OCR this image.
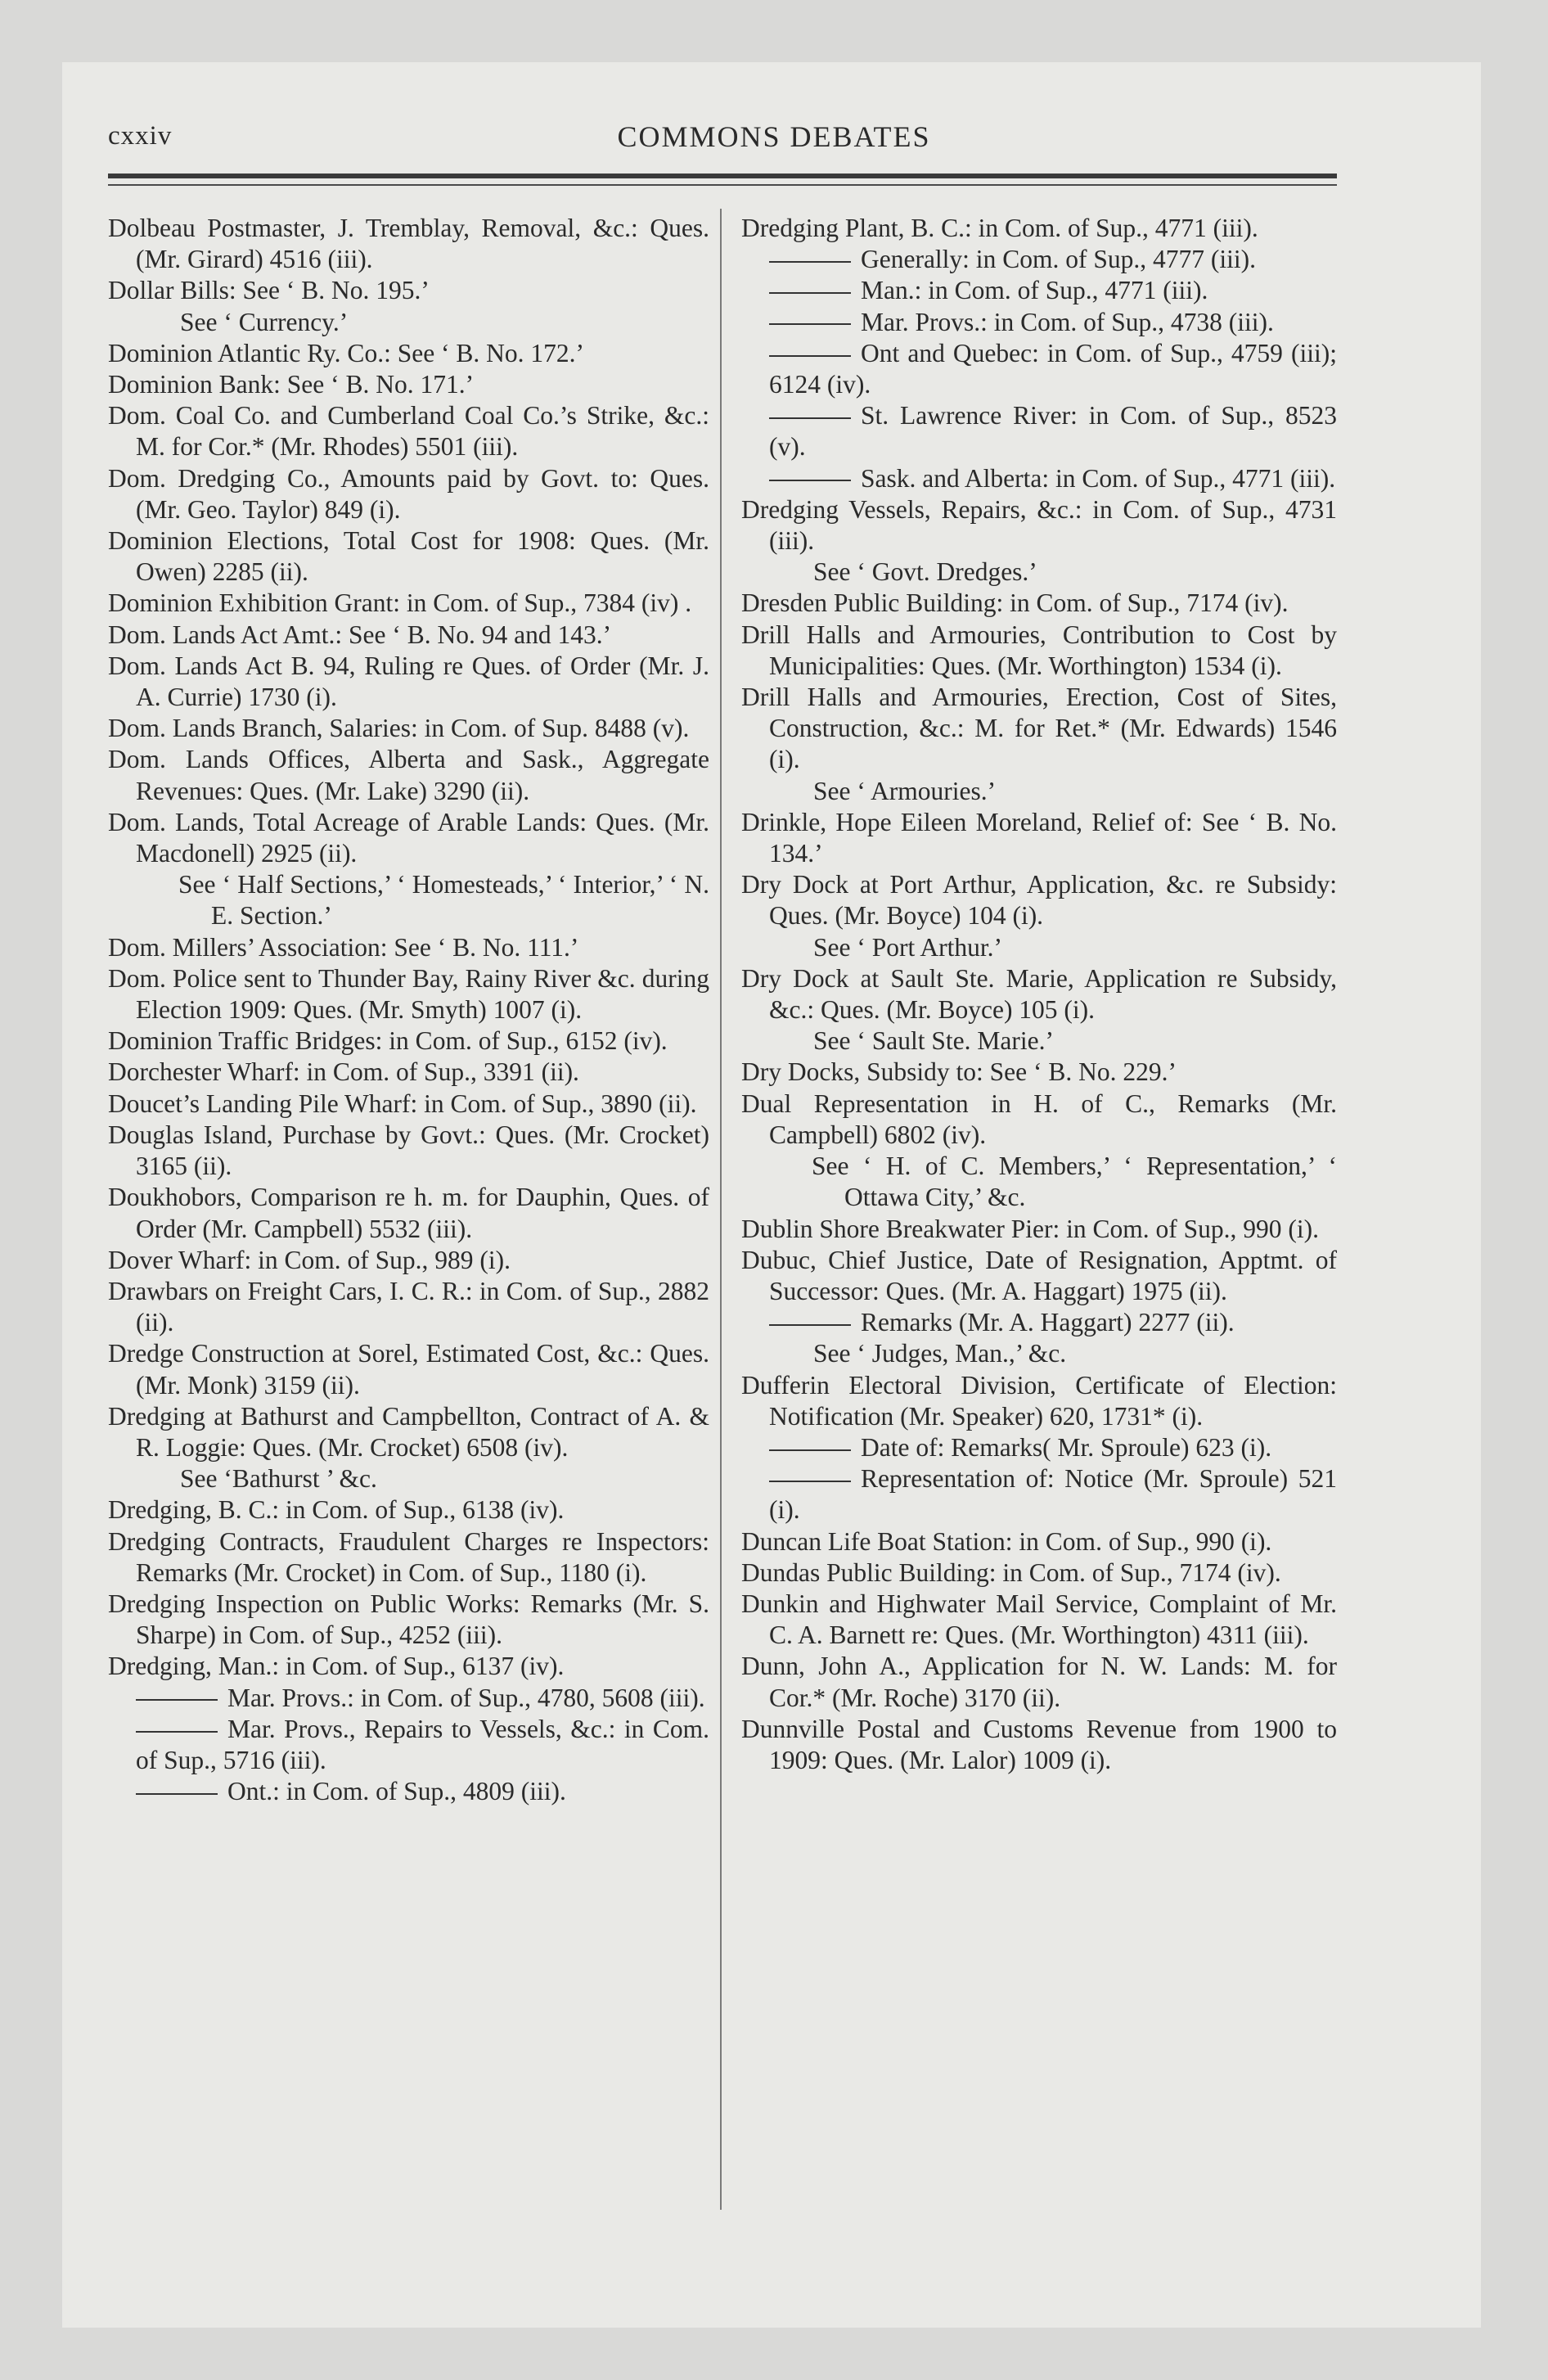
cxxiv	COMMONS DEBATES
Dolbeau Postmaster, J. Tremblay, Removal, &c.: Ques. (Mr. Girard) 4516 (iii).
Dollar Bills: See ‘ B. No. 195.’
See ‘ Currency.’
Dominion Atlantic Ry. Co.: See ‘ B. No. 172.’
Dominion Bank: See ‘ B. No. 171.’
Dom. Coal Co. and Cumberland Coal Co.’s Strike, &c.: M. for Cor.* (Mr. Rhodes) 5501 (iii).
Dom. Dredging Co., Amounts paid by Govt. to: Ques. (Mr. Geo. Taylor) 849 (i).
Dominion Elections, Total Cost for 1908: Ques. (Mr. Owen) 2285 (ii).
Dominion Exhibition Grant: in Com. of Sup., 7384 (iv) .
Dom. Lands Act Amt.: See ‘ B. No. 94 and 143.’
Dom. Lands Act B. 94, Ruling re Ques. of Order (Mr. J. A. Currie) 1730 (i).
Dom. Lands Branch, Salaries: in Com. of Sup. 8488 (v).
Dom. Lands Offices, Alberta and Sask., Aggregate Revenues: Ques. (Mr. Lake) 3290 (ii).
Dom. Lands, Total Acreage of Arable Lands: Ques. (Mr. Macdonell) 2925 (ii).
See ‘ Half Sections,’ ‘ Homesteads,’ ‘ Interior,’ ‘ N. E. Section.’
Dom. Millers’ Association: See ‘ B. No. 111.’
Dom. Police sent to Thunder Bay, Rainy River &c. during Election 1909: Ques. (Mr. Smyth) 1007 (i).
Dominion Traffic Bridges: in Com. of Sup., 6152 (iv).
Dorchester Wharf: in Com. of Sup., 3391 (ii).
Doucet’s Landing Pile Wharf: in Com. of Sup., 3890 (ii).
Douglas Island, Purchase by Govt.: Ques. (Mr. Crocket) 3165 (ii).
Doukhobors, Comparison re h. m. for Dauphin, Ques. of Order (Mr. Campbell) 5532 (iii).
Dover Wharf: in Com. of Sup., 989 (i).
Drawbars on Freight Cars, I. C. R.: in Com. of Sup., 2882 (ii).
Dredge Construction at Sorel, Estimated Cost, &c.: Ques. (Mr. Monk) 3159 (ii).
Dredging at Bathurst and Campbellton, Contract of A. & R. Loggie: Ques. (Mr. Crocket) 6508 (iv).
See ‘Bathurst ’ &c.
Dredging, B. C.: in Com. of Sup., 6138 (iv).
Dredging Contracts, Fraudulent Charges re Inspectors: Remarks (Mr. Crocket) in Com. of Sup., 1180 (i).
Dredging Inspection on Public Works: Remarks (Mr. S. Sharpe) in Com. of Sup., 4252 (iii).
Dredging, Man.: in Com. of Sup., 6137 (iv).
Mar. Provs.: in Com. of Sup., 4780, 5608 (iii).
Mar. Provs., Repairs to Vessels, &c.: in Com. of Sup., 5716 (iii).
Ont.: in Com. of Sup., 4809 (iii).
Dredging Plant, B. C.: in Com. of Sup., 4771 (iii).
Generally: in Com. of Sup., 4777 (iii).
Man.: in Com. of Sup., 4771 (iii).
Mar. Provs.: in Com. of Sup., 4738 (iii).
Ont and Quebec: in Com. of Sup., 4759 (iii); 6124 (iv).
St. Lawrence River: in Com. of Sup., 8523 (v).
Sask. and Alberta: in Com. of Sup., 4771 (iii).
Dredging Vessels, Repairs, &c.: in Com. of Sup., 4731 (iii).
See ‘ Govt. Dredges.’
Dresden Public Building: in Com. of Sup., 7174 (iv).
Drill Halls and Armouries, Contribution to Cost by Municipalities: Ques. (Mr. Worthington) 1534 (i).
Drill Halls and Armouries, Erection, Cost of Sites, Construction, &c.: M. for Ret.* (Mr. Edwards) 1546 (i).
See ‘ Armouries.’
Drinkle, Hope Eileen Moreland, Relief of: See ‘ B. No. 134.’
Dry Dock at Port Arthur, Application, &c. re Subsidy: Ques. (Mr. Boyce) 104 (i).
See ‘ Port Arthur.’
Dry Dock at Sault Ste. Marie, Application re Subsidy, &c.: Ques. (Mr. Boyce) 105 (i).
See ‘ Sault Ste. Marie.’
Dry Docks, Subsidy to: See ‘ B. No. 229.’
Dual Representation in H. of C., Remarks (Mr. Campbell) 6802 (iv).
See ‘ H. of C. Members,’ ‘ Representation,’ ‘ Ottawa City,’ &c.
Dublin Shore Breakwater Pier: in Com. of Sup., 990 (i).
Dubuc, Chief Justice, Date of Resignation, Apptmt. of Successor: Ques. (Mr. A. Haggart) 1975 (ii).
Remarks (Mr. A. Haggart) 2277 (ii).
See ‘ Judges, Man.,’ &c.
Dufferin Electoral Division, Certificate of Election: Notification (Mr. Speaker) 620, 1731* (i).
Date of: Remarks( Mr. Sproule) 623 (i).
Representation of: Notice (Mr. Sproule) 521 (i).
Duncan Life Boat Station: in Com. of Sup., 990 (i).
Dundas Public Building: in Com. of Sup., 7174 (iv).
Dunkin and Highwater Mail Service, Complaint of Mr. C. A. Barnett re: Ques. (Mr. Worthington) 4311 (iii).
Dunn, John A., Application for N. W. Lands: M. for Cor.* (Mr. Roche) 3170 (ii).
Dunnville Postal and Customs Revenue from 1900 to 1909: Ques. (Mr. Lalor) 1009 (i).
